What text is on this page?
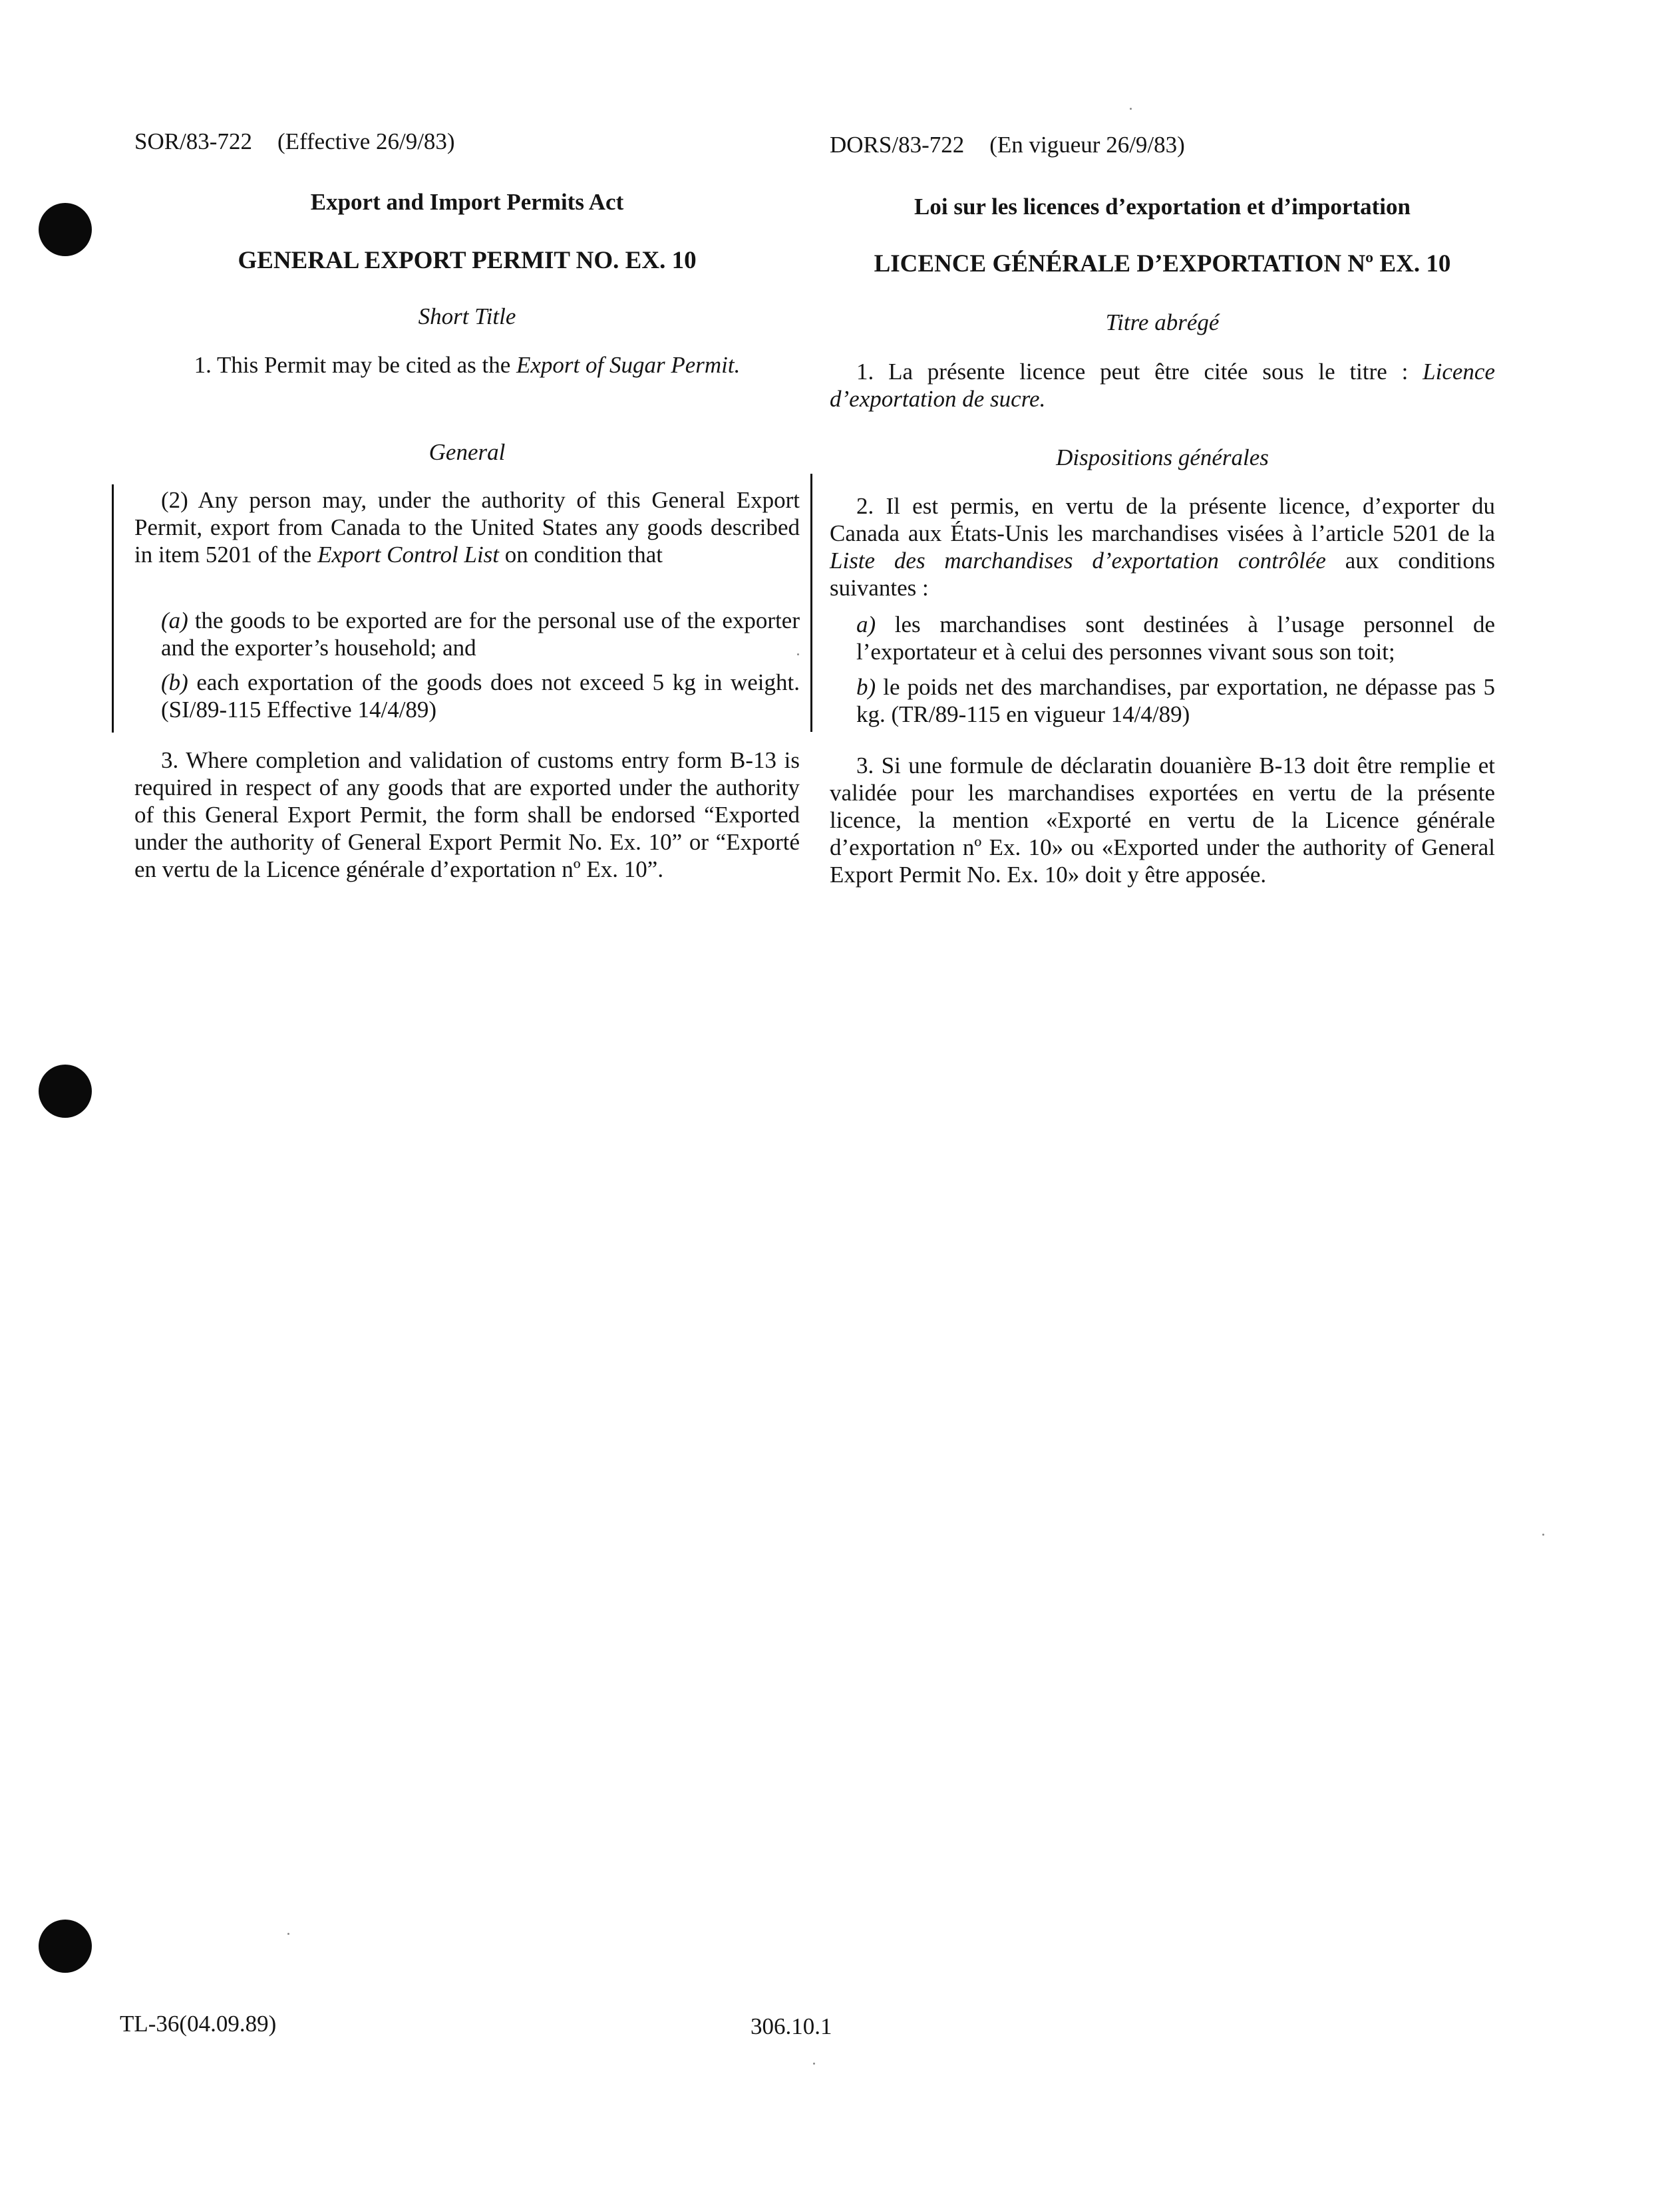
SOR/83-722 (Effective 26/9/83)
Export and Import Permits Act
GENERAL EXPORT PERMIT NO. EX. 10
Short Title
1. This Permit may be cited as the Export of Sugar Permit.
General
(2) Any person may, under the authority of this General Export Permit, export from Canada to the United States any goods described in item 5201 of the Export Control List on condition that
(a) the goods to be exported are for the personal use of the exporter and the exporter’s household; and
(b) each exportation of the goods does not exceed 5 kg in weight. (SI/89-115 Effective 14/4/89)
3. Where completion and validation of customs entry form B-13 is required in respect of any goods that are exported under the authority of this General Export Permit, the form shall be endorsed “Exported under the authority of General Export Permit No. Ex. 10” or “Exporté en vertu de la Licence générale d’exportation nº Ex. 10”.
DORS/83-722 (En vigueur 26/9/83)
Loi sur les licences d’exportation et d’importation
LICENCE GÉNÉRALE D’EXPORTATION Nº EX. 10
Titre abrégé
1. La présente licence peut être citée sous le titre : Licence d’exportation de sucre.
Dispositions générales
2. Il est permis, en vertu de la présente licence, d’exporter du Canada aux États-Unis les marchandises visées à l’article 5201 de la Liste des marchandises d’exportation contrôlée aux conditions suivantes :
a) les marchandises sont destinées à l’usage personnel de l’exportateur et à celui des personnes vivant sous son toit;
b) le poids net des marchandises, par exportation, ne dépasse pas 5 kg. (TR/89-115 en vigueur 14/4/89)
3. Si une formule de déclaratin douanière B-13 doit être remplie et validée pour les marchandises exportées en vertu de la présente licence, la mention «Exporté en vertu de la Licence générale d’exportation nº Ex. 10» ou «Exported under the authority of General Export Permit No. Ex. 10» doit y être apposée.
TL-36(04.09.89)	306.10.1
